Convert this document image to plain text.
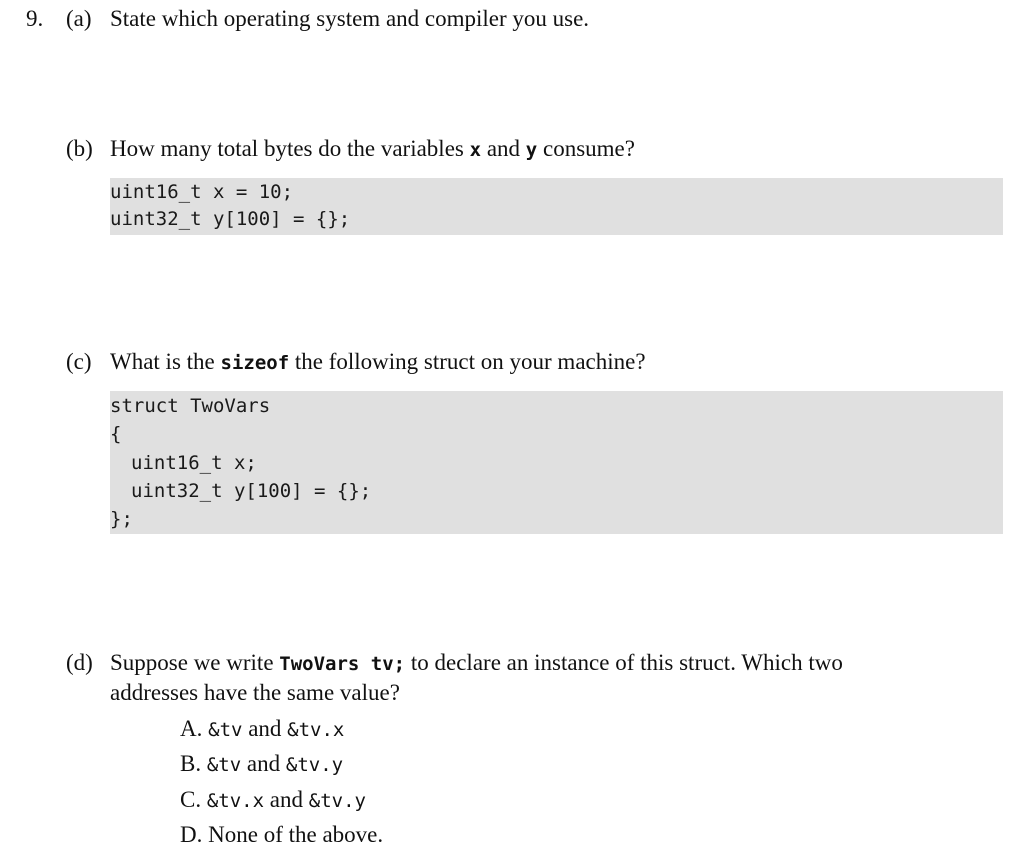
9. (a) State which operating system and compiler you use.
(b) How many total bytes do the variables x and y consume?
uint16_t x = 10;
uint32_t y[100] = {};
(c) What is the sizeof the following struct on your machine?
struct TwoVars
{
uint16_t x;
uint32_t y[100] = {};
};
(d) Suppose we write TwoVars tv; to declare an instance of this struct. Which two
addresses have the same value?
A. &tv and &tv.x
B. &tv and &tv.y
C. &tv.x and &tv.y
D. None of the above.
